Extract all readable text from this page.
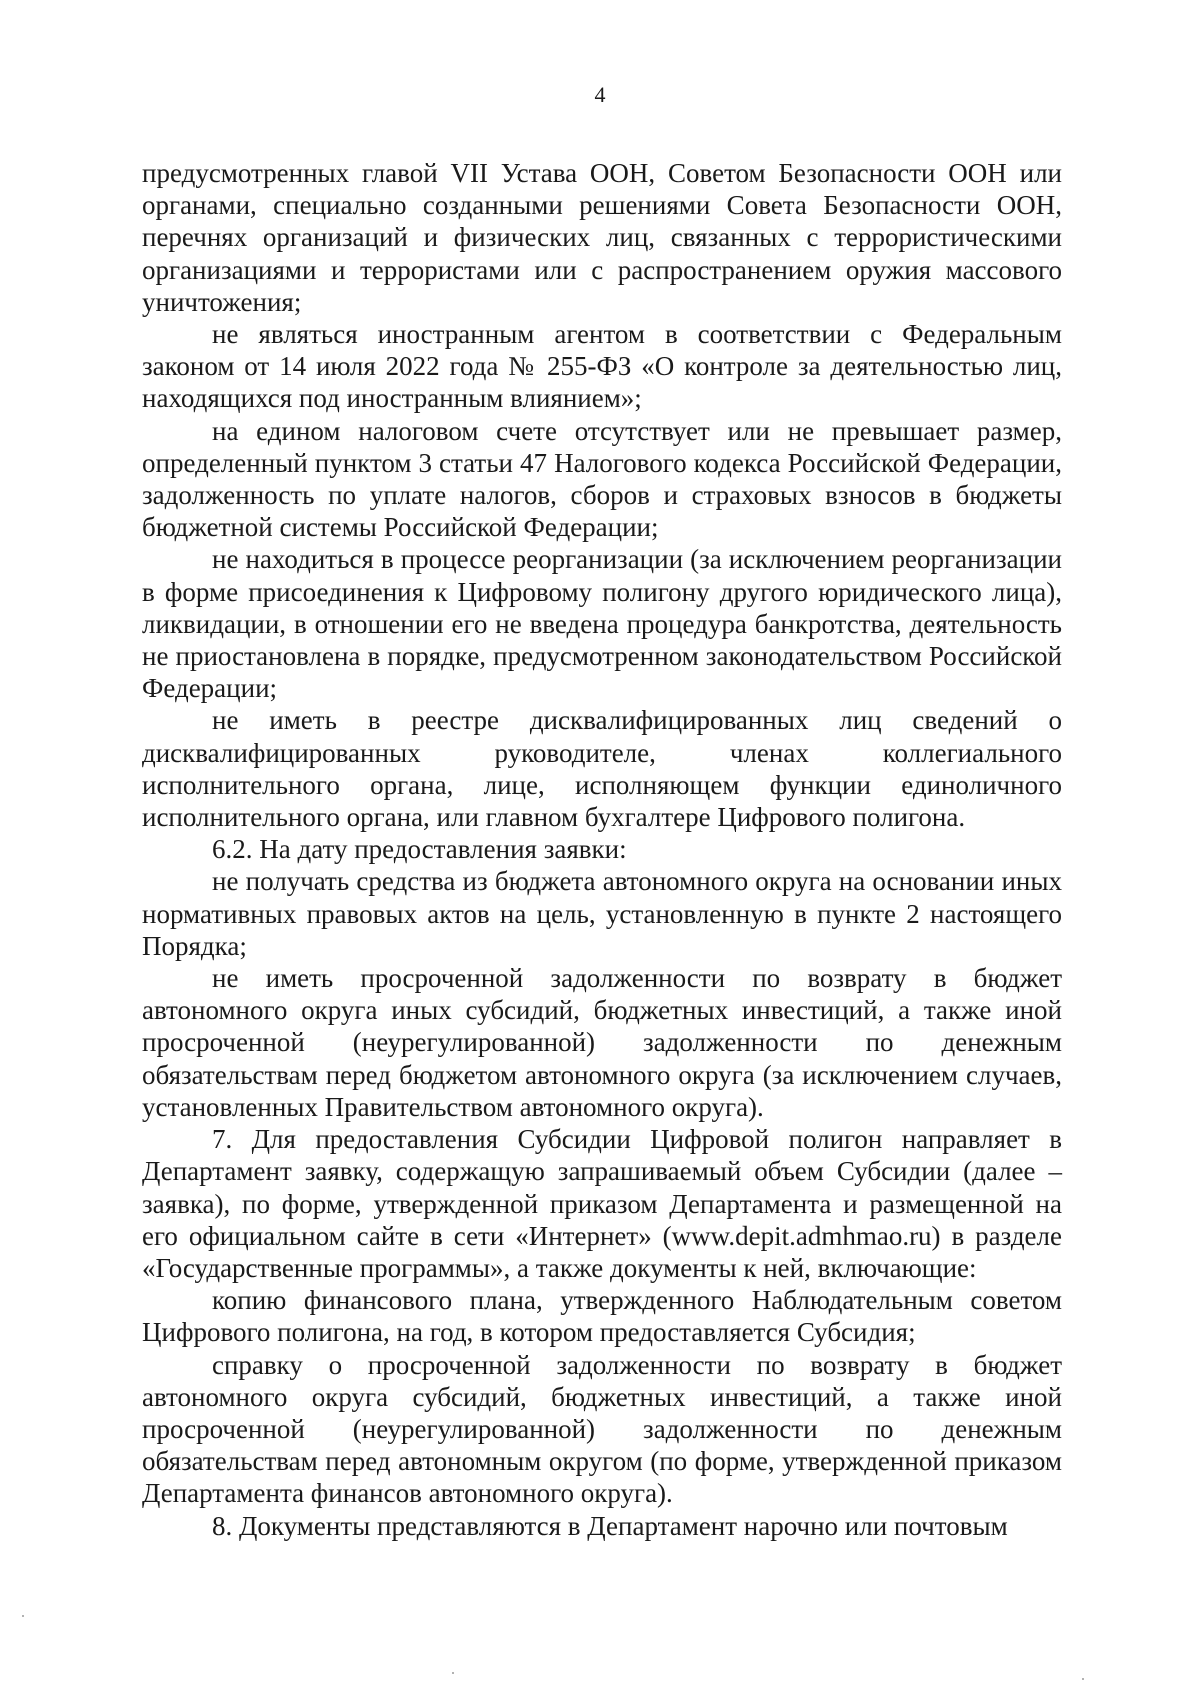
4

предусмотренных главой VII Устава ООН, Советом Безопасности ООН или органами, специально созданными решениями Совета Безопасности ООН, перечнях организаций и физических лиц, связанных с террористическими организациями и террористами или с распространением оружия массового уничтожения;

не являться иностранным агентом в соответствии с Федеральным законом от 14 июля 2022 года № 255-ФЗ «О контроле за деятельностью лиц, находящихся под иностранным влиянием»;

на едином налоговом счете отсутствует или не превышает размер, определенный пунктом 3 статьи 47 Налогового кодекса Российской Федерации, задолженность по уплате налогов, сборов и страховых взносов в бюджеты бюджетной системы Российской Федерации;

не находиться в процессе реорганизации (за исключением реорганизации в форме присоединения к Цифровому полигону другого юридического лица), ликвидации, в отношении его не введена процедура банкротства, деятельность не приостановлена в порядке, предусмотренном законодательством Российской Федерации;

не иметь в реестре дисквалифицированных лиц сведений о дисквалифицированных руководителе, членах коллегиального исполнительного органа, лице, исполняющем функции единоличного исполнительного органа, или главном бухгалтере Цифрового полигона.

6.2. На дату предоставления заявки:

не получать средства из бюджета автономного округа на основании иных нормативных правовых актов на цель, установленную в пункте 2 настоящего Порядка;

не иметь просроченной задолженности по возврату в бюджет автономного округа иных субсидий, бюджетных инвестиций, а также иной просроченной (неурегулированной) задолженности по денежным обязательствам перед бюджетом автономного округа (за исключением случаев, установленных Правительством автономного округа).

7. Для предоставления Субсидии Цифровой полигон направляет в Департамент заявку, содержащую запрашиваемый объем Субсидии (далее – заявка), по форме, утвержденной приказом Департамента и размещенной на его официальном сайте в сети «Интернет» (www.depit.admhmao.ru) в разделе «Государственные программы», а также документы к ней, включающие:

копию финансового плана, утвержденного Наблюдательным советом Цифрового полигона, на год, в котором предоставляется Субсидия;

справку о просроченной задолженности по возврату в бюджет автономного округа субсидий, бюджетных инвестиций, а также иной просроченной (неурегулированной) задолженности по денежным обязательствам перед автономным округом (по форме, утвержденной приказом Департамента финансов автономного округа).

8. Документы представляются в Департамент нарочно или почтовым
